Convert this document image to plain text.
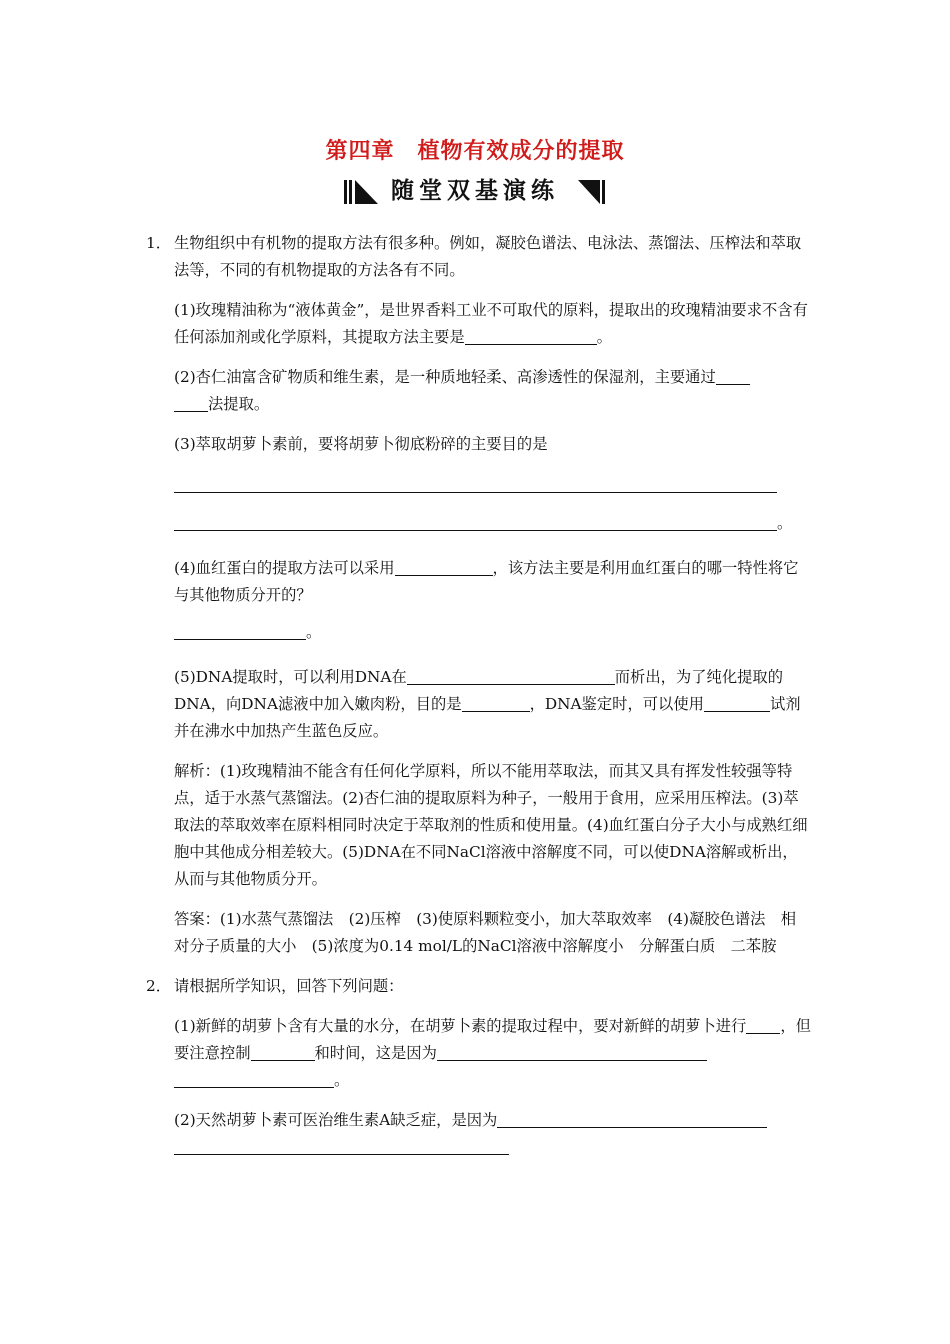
第四章　植物有效成分的提取
随堂双基演练
1． 生物组织中有机物的提取方法有很多种。例如，凝胶色谱法、电泳法、蒸馏法、压榨法和萃取法等，不同的有机物提取的方法各有不同。
(1)玫瑰精油称为“液体黄金”，是世界香料工业不可取代的原料，提取出的玫瑰精油要求不含有任何添加剂或化学原料，其提取方法主要是	。
(2)杏仁油富含矿物质和维生素，是一种质地轻柔、高渗透性的保湿剂，主要通过
法提取。
(3)萃取胡萝卜素前，要将胡萝卜彻底粉碎的主要目的是
。
(4)血红蛋白的提取方法可以采用	，该方法主要是利用血红蛋白的哪一特性将它与其他物质分开的？
。
(5)DNA提取时，可以利用DNA在	而析出，为了纯化提取的DNA，向DNA滤液中加入嫩肉粉，目的是	，DNA鉴定时，可以使用	试剂并在沸水中加热产生蓝色反应。
解析：(1)玫瑰精油不能含有任何化学原料，所以不能用萃取法，而其又具有挥发性较强等特点，适于水蒸气蒸馏法。(2)杏仁油的提取原料为种子，一般用于食用，应采用压榨法。(3)萃取法的萃取效率在原料相同时决定于萃取剂的性质和使用量。(4)血红蛋白分子大小与成熟红细胞中其他成分相差较大。(5)DNA在不同NaCl溶液中溶解度不同，可以使DNA溶解或析出，从而与其他物质分开。
答案：(1)水蒸气蒸馏法　(2)压榨　(3)使原料颗粒变小，加大萃取效率　(4)凝胶色谱法　相对分子质量的大小　(5)浓度为0.14 mol/L的NaCl溶液中溶解度小　分解蛋白质　二苯胺
2． 请根据所学知识，回答下列问题：
(1)新鲜的胡萝卜含有大量的水分，在胡萝卜素的提取过程中，要对新鲜的胡萝卜进行 ，但要注意控制	和时间，这是因为
。
(2)天然胡萝卜素可医治维生素A缺乏症，是因为
